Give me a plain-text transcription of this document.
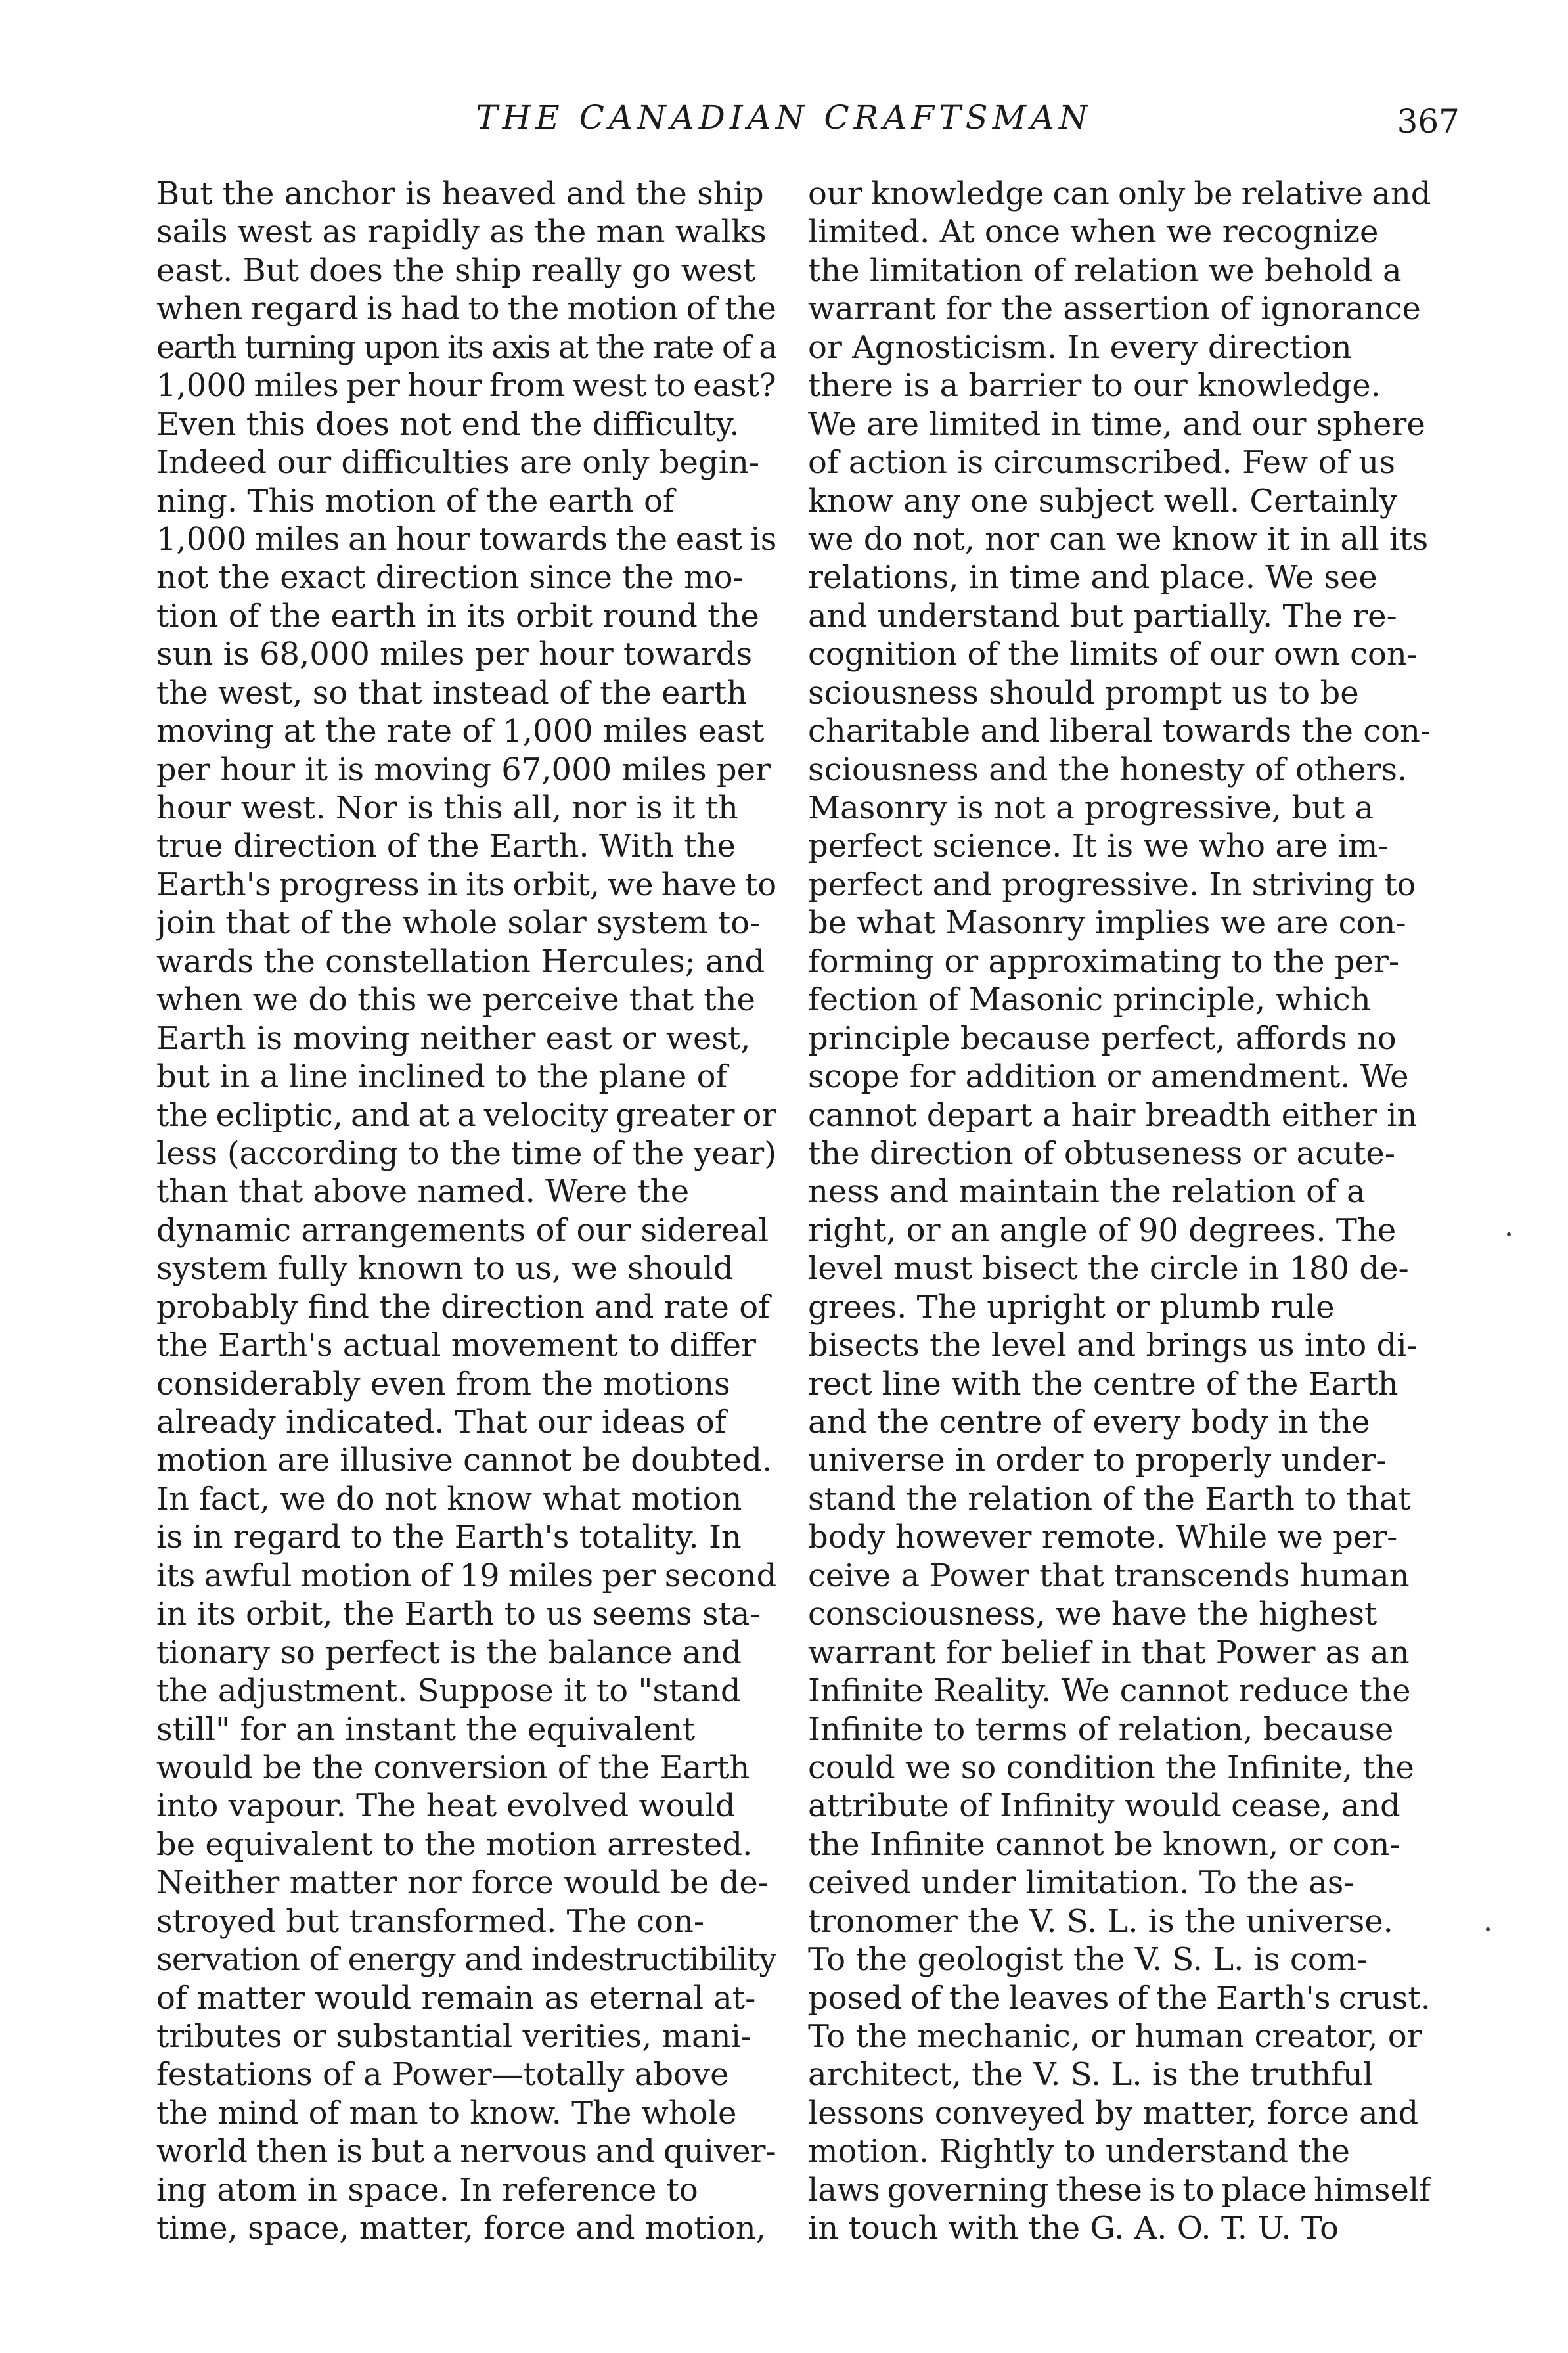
THE CANADIAN CRAFTSMAN	367
But the anchor is heaved and the ship
sails west as rapidly as the man walks
east. But does the ship really go west
when regard is had to the motion of the
earth turning upon its axis at the rate of a
1,000 miles per hour from west to east?
Even this does not end the difficulty.
Indeed our difficulties are only begin-
ning. This motion of the earth of
1,000 miles an hour towards the east is
not the exact direction since the mo-
tion of the earth in its orbit round the
sun is 68,000 miles per hour towards
the west, so that instead of the earth
moving at the rate of 1,000 miles east
per hour it is moving 67,000 miles per
hour west. Nor is this all, nor is it th
true direction of the Earth. With the
Earth's progress in its orbit, we have to
join that of the whole solar system to-
wards the constellation Hercules; and
when we do this we perceive that the
Earth is moving neither east or west,
but in a line inclined to the plane of
the ecliptic, and at a velocity greater or
less (according to the time of the year)
than that above named. Were the
dynamic arrangements of our sidereal
system fully known to us, we should
probably find the direction and rate of
the Earth's actual movement to differ
considerably even from the motions
already indicated. That our ideas of
motion are illusive cannot be doubted.
In fact, we do not know what motion
is in regard to the Earth's totality. In
its awful motion of 19 miles per second
in its orbit, the Earth to us seems sta-
tionary so perfect is the balance and
the adjustment. Suppose it to "stand
still" for an instant the equivalent
would be the conversion of the Earth
into vapour. The heat evolved would
be equivalent to the motion arrested.
Neither matter nor force would be de-
stroyed but transformed. The con-
servation of energy and indestructibility
of matter would remain as eternal at-
tributes or substantial verities, mani-
festations of a Power—totally above
the mind of man to know. The whole
world then is but a nervous and quiver-
ing atom in space. In reference to
time, space, matter, force and motion,
our knowledge can only be relative and
limited. At once when we recognize
the limitation of relation we behold a
warrant for the assertion of ignorance
or Agnosticism. In every direction
there is a barrier to our knowledge.
We are limited in time, and our sphere
of action is circumscribed. Few of us
know any one subject well. Certainly
we do not, nor can we know it in all its
relations, in time and place. We see
and understand but partially. The re-
cognition of the limits of our own con-
sciousness should prompt us to be
charitable and liberal towards the con-
sciousness and the honesty of others.
Masonry is not a progressive, but a
perfect science. It is we who are im-
perfect and progressive. In striving to
be what Masonry implies we are con-
forming or approximating to the per-
fection of Masonic principle, which
principle because perfect, affords no
scope for addition or amendment. We
cannot depart a hair breadth either in
the direction of obtuseness or acute-
ness and maintain the relation of a
right, or an angle of 90 degrees. The
level must bisect the circle in 180 de-
grees. The upright or plumb rule
bisects the level and brings us into di-
rect line with the centre of the Earth
and the centre of every body in the
universe in order to properly under-
stand the relation of the Earth to that
body however remote. While we per-
ceive a Power that transcends human
consciousness, we have the highest
warrant for belief in that Power as an
Infinite Reality. We cannot reduce the
Infinite to terms of relation, because
could we so condition the Infinite, the
attribute of Infinity would cease, and
the Infinite cannot be known, or con-
ceived under limitation. To the as-
tronomer the V. S. L. is the universe.
To the geologist the V. S. L. is com-
posed of the leaves of the Earth's crust.
To the mechanic, or human creator, or
architect, the V. S. L. is the truthful
lessons conveyed by matter, force and
motion. Rightly to understand the
laws governing these is to place himself
in touch with the G. A. O. T. U. To
